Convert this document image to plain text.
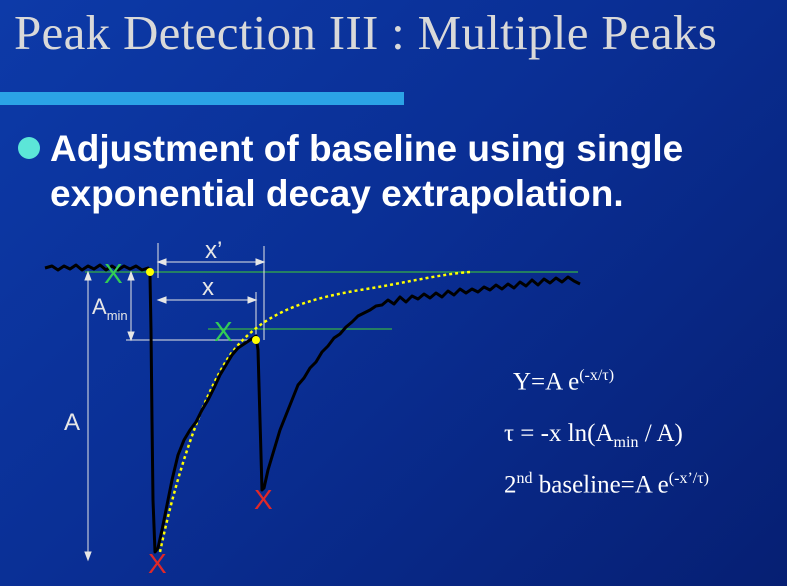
Peak Detection III : Multiple Peaks
Adjustment of baseline using single exponential decay extrapolation.
X
X
X
X
x’
x
$A_{min}$
A
Y=A $e^{(-x/\tau)}$
τ = -x $\ln(A_{min} / A)$
2nd baseline=A $e^{(-x’/\tau)}$
